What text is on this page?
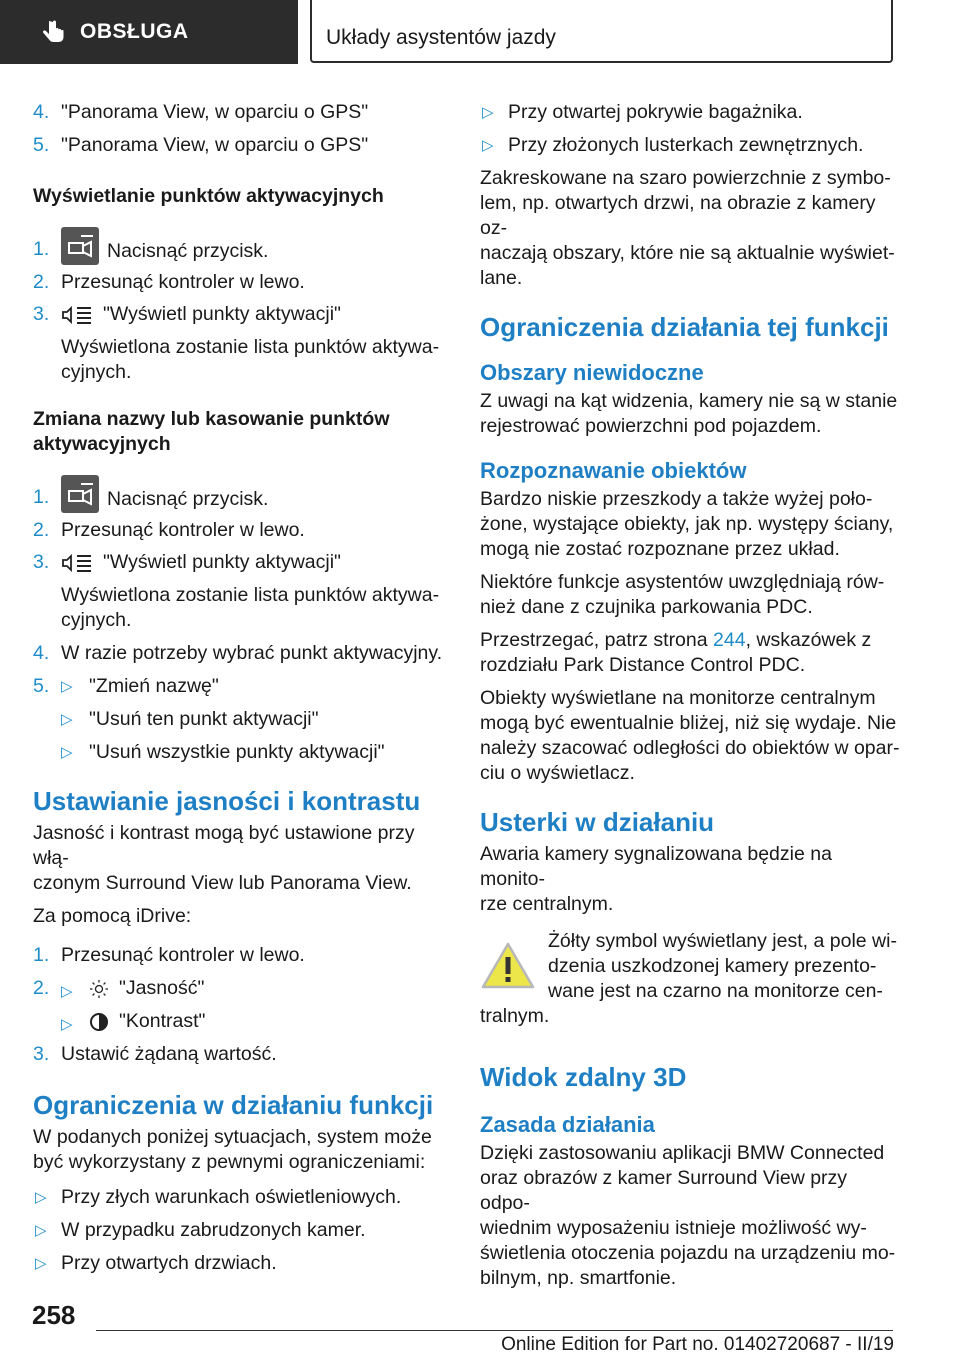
OBSŁUGA	Układy asystentów jazdy
4. "Panorama View, w oparciu o GPS"
5. "Panorama View, w oparciu o GPS"
Wyświetlanie punktów aktywacyjnych
1.	Nacisnąć przycisk.
2. Przesunąć kontroler w lewo.
3.	"Wyświetl punkty aktywacji"
Wyświetlona zostanie lista punktów aktywa-
cyjnych.
Zmiana nazwy lub kasowanie punktów
aktywacyjnych
1.	Nacisnąć przycisk.
2. Przesunąć kontroler w lewo.
3.	"Wyświetl punkty aktywacji"
Wyświetlona zostanie lista punktów aktywa-
cyjnych.
4. W razie potrzeby wybrać punkt aktywacyjny.
5. ▷ "Zmień nazwę"
▷ "Usuń ten punkt aktywacji"
▷ "Usuń wszystkie punkty aktywacji"
Ustawianie jasności i kontrastu
Jasność i kontrast mogą być ustawione przy włą-
czonym Surround View lub Panorama View.
Za pomocą iDrive:
1. Przesunąć kontroler w lewo.
2. ▷	"Jasność"
▷	"Kontrast"
3. Ustawić żądaną wartość.
Ograniczenia w działaniu funkcji
W podanych poniżej sytuacjach, system może
być wykorzystany z pewnymi ograniczeniami:
▷ Przy złych warunkach oświetleniowych.
▷ W przypadku zabrudzonych kamer.
▷ Przy otwartych drzwiach.
▷ Przy otwartej pokrywie bagażnika.
▷ Przy złożonych lusterkach zewnętrznych.
Zakreskowane na szaro powierzchnie z symbo-
lem, np. otwartych drzwi, na obrazie z kamery oz-
naczają obszary, które nie są aktualnie wyświet-
lane.
Ograniczenia działania tej funkcji
Obszary niewidoczne
Z uwagi na kąt widzenia, kamery nie są w stanie
rejestrować powierzchni pod pojazdem.
Rozpoznawanie obiektów
Bardzo niskie przeszkody a także wyżej poło-
żone, wystające obiekty, jak np. występy ściany,
mogą nie zostać rozpoznane przez układ.
Niektóre funkcje asystentów uwzględniają rów-
nież dane z czujnika parkowania PDC.
Przestrzegać, patrz strona 244, wskazówek z
rozdziału Park Distance Control PDC.
Obiekty wyświetlane na monitorze centralnym
mogą być ewentualnie bliżej, niż się wydaje. Nie
należy szacować odległości do obiektów w opar-
ciu o wyświetlacz.
Usterki w działaniu
Awaria kamery sygnalizowana będzie na monito-
rze centralnym.
Żółty symbol wyświetlany jest, a pole wi-
dzenia uszkodzonej kamery prezento-
wane jest na czarno na monitorze cen-
tralnym.
Widok zdalny 3D
Zasada działania
Dzięki zastosowaniu aplikacji BMW Connected
oraz obrazów z kamer Surround View przy odpo-
wiednim wyposażeniu istnieje możliwość wy-
świetlenia otoczenia pojazdu na urządzeniu mo-
bilnym, np. smartfonie.
258
Online Edition for Part no. 01402720687 - II/19
